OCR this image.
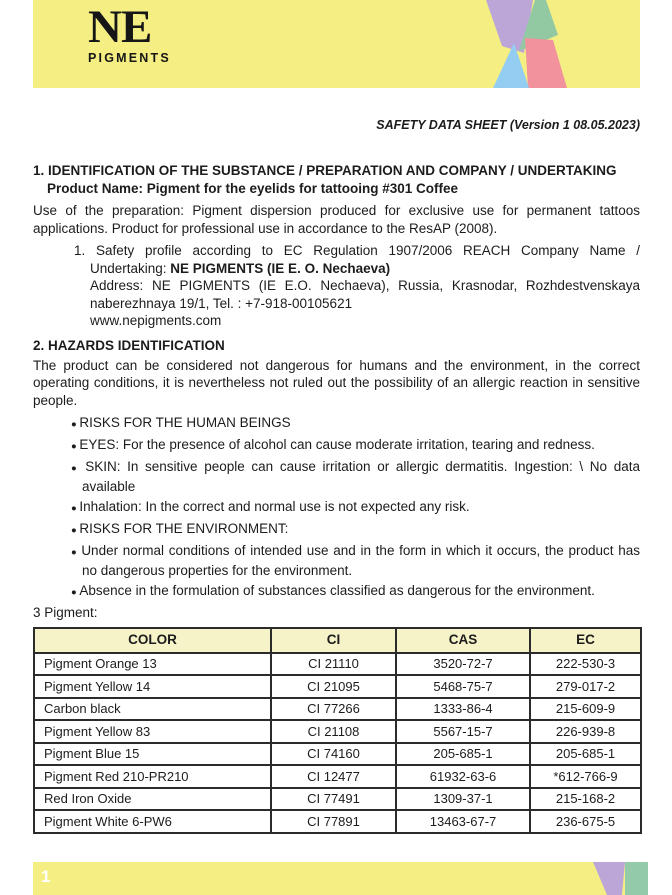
NE
PIGMENTS
SAFETY DATA SHEET (Version 1 08.05.2023)
1. IDENTIFICATION OF THE SUBSTANCE / PREPARATION AND COMPANY / UNDERTAKING
Product Name: Pigment for the eyelids for tattooing #301 Coffee
Use of the preparation: Pigment dispersion produced for exclusive use for permanent tattoos applications. Product for professional use in accordance to the ResAP (2008).
1. Safety profile according to EC Regulation 1907/2006 REACH Company Name / Undertaking: NE PIGMENTS (IE E. O. Nechaeva)
Address: NE PIGMENTS (IE E.O. Nechaeva), Russia, Krasnodar, Rozhdestvenskaya naberezhnaya 19/1, Tel. : +7-918-00105621
www.nepigments.com
2. HAZARDS IDENTIFICATION
The product can be considered not dangerous for humans and the environment, in the correct operating conditions, it is nevertheless not ruled out the possibility of an allergic reaction in sensitive people.
● RISKS FOR THE HUMAN BEINGS
● EYES: For the presence of alcohol can cause moderate irritation, tearing and redness.
● SKIN: In sensitive people can cause irritation or allergic dermatitis. Ingestion: \ No data available
● Inhalation: In the correct and normal use is not expected any risk.
● RISKS FOR THE ENVIRONMENT:
● Under normal conditions of intended use and in the form in which it occurs, the product has no dangerous properties for the environment.
● Absence in the formulation of substances classified as dangerous for the environment.
3 Pigment:
COLOR	CI	CAS	EC
Pigment Orange 13	CI 21110	3520-72-7	222-530-3
Pigment Yellow 14	CI 21095	5468-75-7	279-017-2
Carbon black	CI 77266	1333-86-4	215-609-9
Pigment Yellow 83	CI 21108	5567-15-7	226-939-8
Pigment Blue 15	CI 74160	205-685-1	205-685-1
Pigment Red 210-PR210	CI 12477	61932-63-6	*612-766-9
Red Iron Oxide	CI 77491	1309-37-1	215-168-2
Pigment White 6-PW6	CI 77891	13463-67-7	236-675-5
1
